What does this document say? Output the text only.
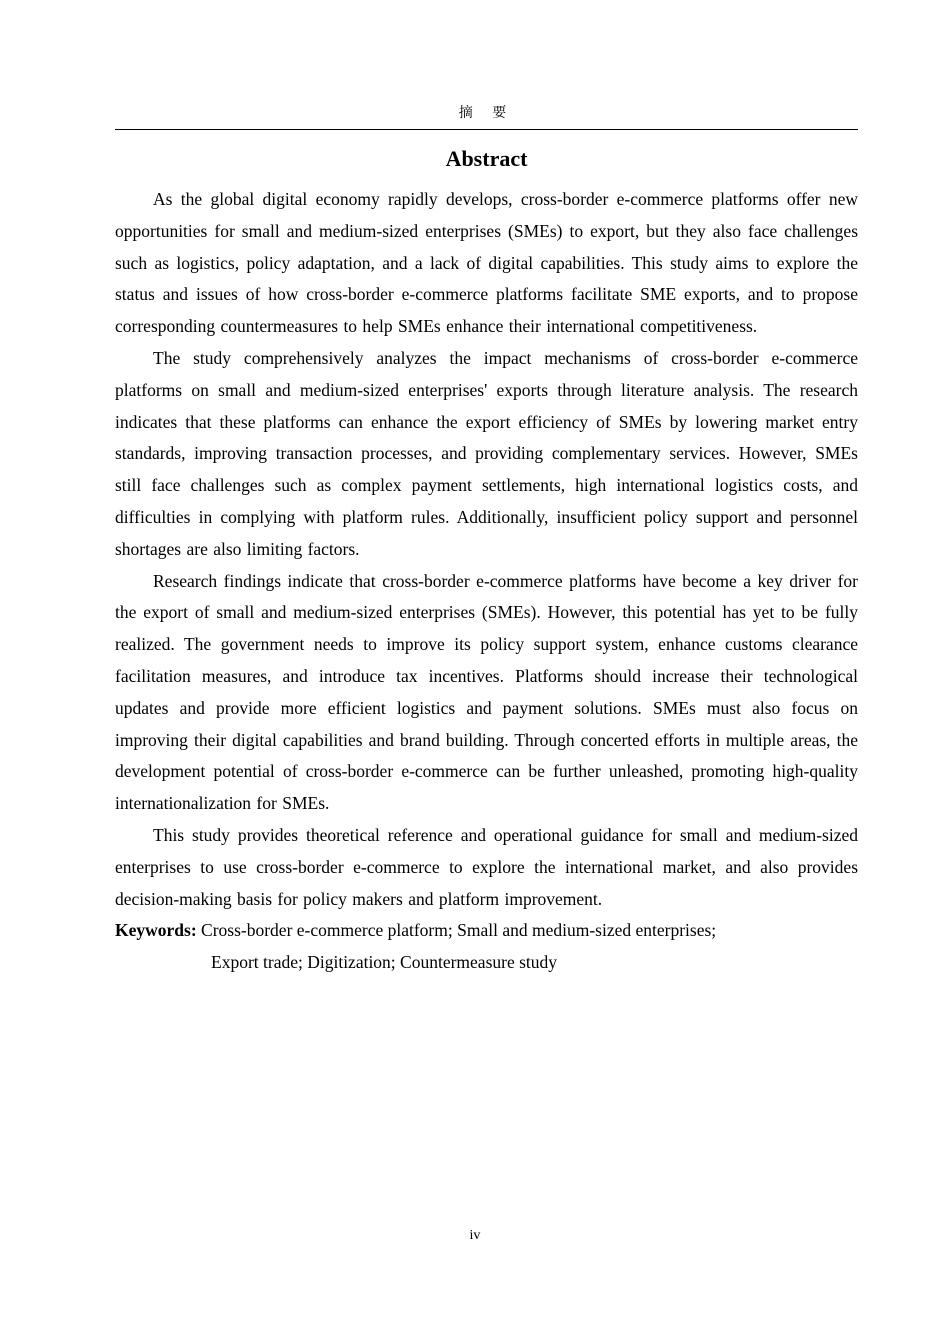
摘 要
Abstract

As the global digital economy rapidly develops, cross-border e-commerce platforms offer new opportunities for small and medium-sized enterprises (SMEs) to export, but they also face challenges such as logistics, policy adaptation, and a lack of digital capabilities. This study aims to explore the status and issues of how cross-border e-commerce platforms facilitate SME exports, and to propose corresponding countermeasures to help SMEs enhance their international competitiveness.

The study comprehensively analyzes the impact mechanisms of cross-border e-commerce platforms on small and medium-sized enterprises' exports through literature analysis. The research indicates that these platforms can enhance the export efficiency of SMEs by lowering market entry standards, improving transaction processes, and providing complementary services. However, SMEs still face challenges such as complex payment settlements, high international logistics costs, and difficulties in complying with platform rules. Additionally, insufficient policy support and personnel shortages are also limiting factors.

Research findings indicate that cross-border e-commerce platforms have become a key driver for the export of small and medium-sized enterprises (SMEs). However, this potential has yet to be fully realized. The government needs to improve its policy support system, enhance customs clearance facilitation measures, and introduce tax incentives. Platforms should increase their technological updates and provide more efficient logistics and payment solutions. SMEs must also focus on improving their digital capabilities and brand building. Through concerted efforts in multiple areas, the development potential of cross-border e-commerce can be further unleashed, promoting high-quality internationalization for SMEs.

This study provides theoretical reference and operational guidance for small and medium-sized enterprises to use cross-border e-commerce to explore the international market, and also provides decision-making basis for policy makers and platform improvement.

Keywords: Cross-border e-commerce platform; Small and medium-sized enterprises;
Export trade; Digitization; Countermeasure study
iv
